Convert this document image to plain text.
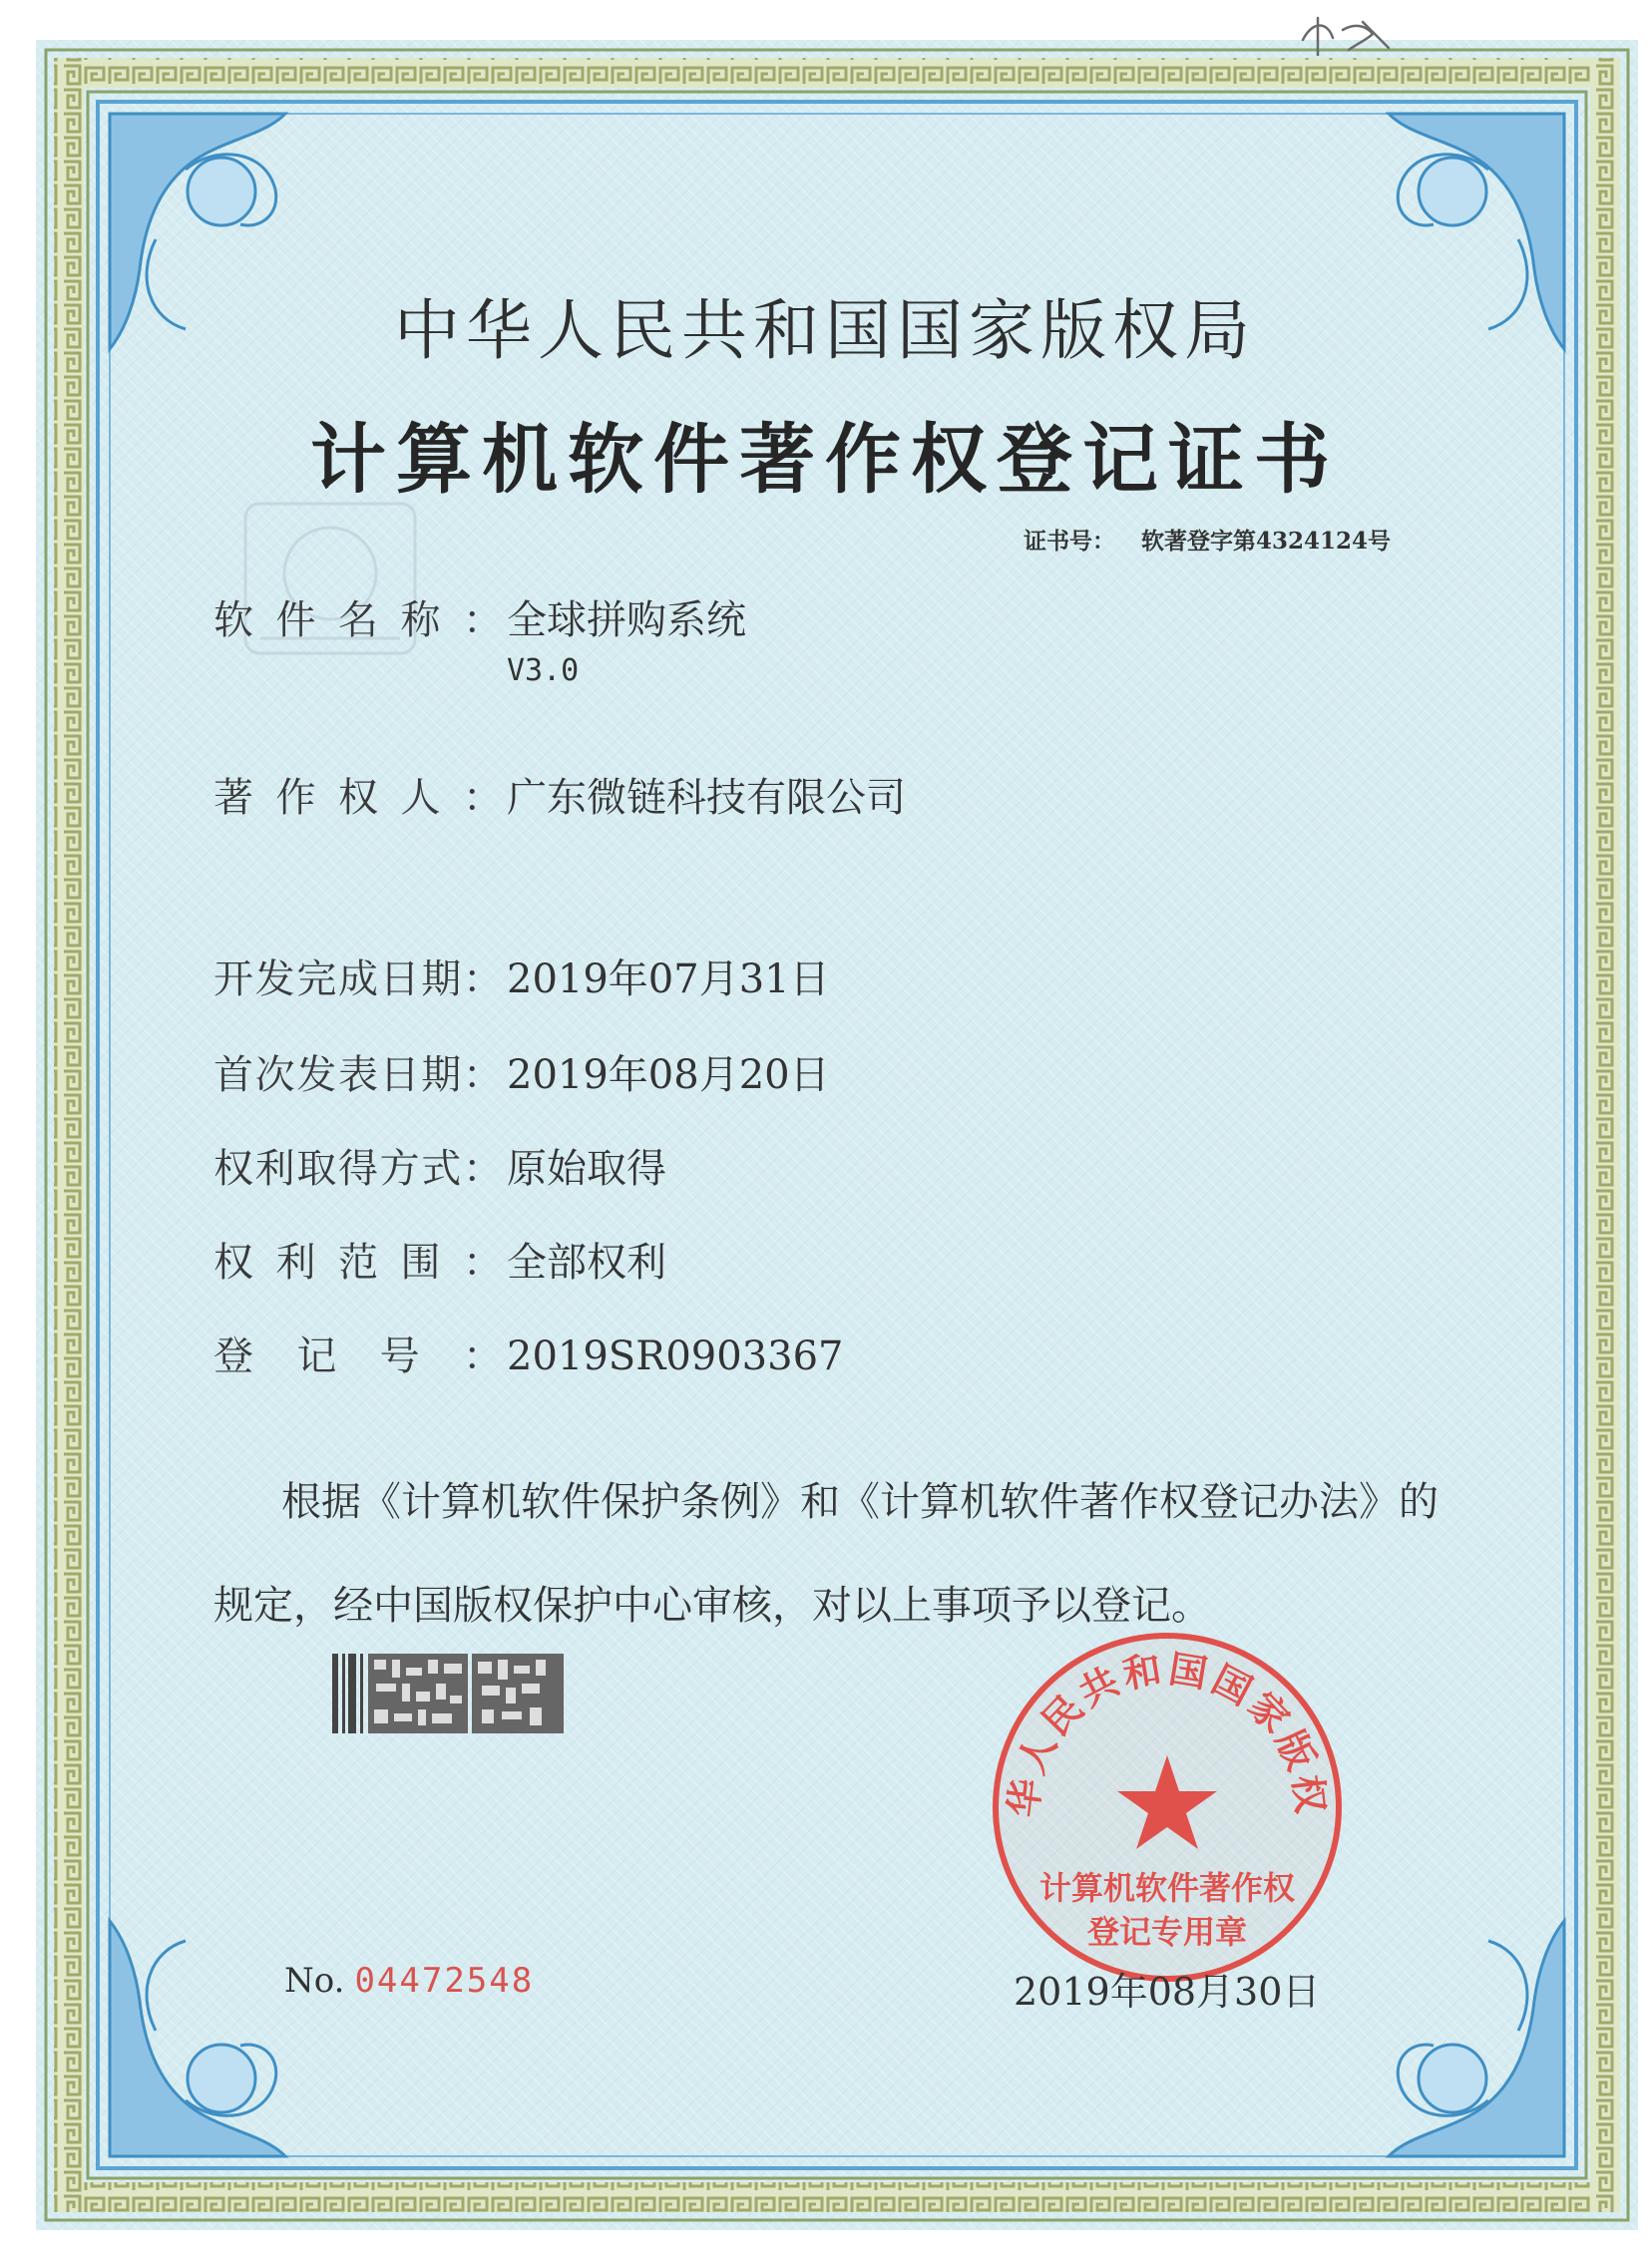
中华人民共和国国家版权局
计算机软件著作权登记证书
证书号： 软著登字第4324124号
软 件 名 称 ： 全球拼购系统
V3.0
著 作 权 人 ： 广东微链科技有限公司
开 发 完 成 日 期 ： 2019年07月31日
首 次 发 表 日 期 ： 2019年08月20日
权 利 取 得 方 式 ： 原始取得
权 利 范 围 ： 全部权利
登 记 号 ： 2019SR0903367

根据《计算机软件保护条例》和《计算机软件著作权登记办法》的

规定，经中国版权保护中心审核，对以上事项予以登记。

No. 04472548
华人民共和国国家版权
计算机软件著作权
登记专用章
2019年08月30日
